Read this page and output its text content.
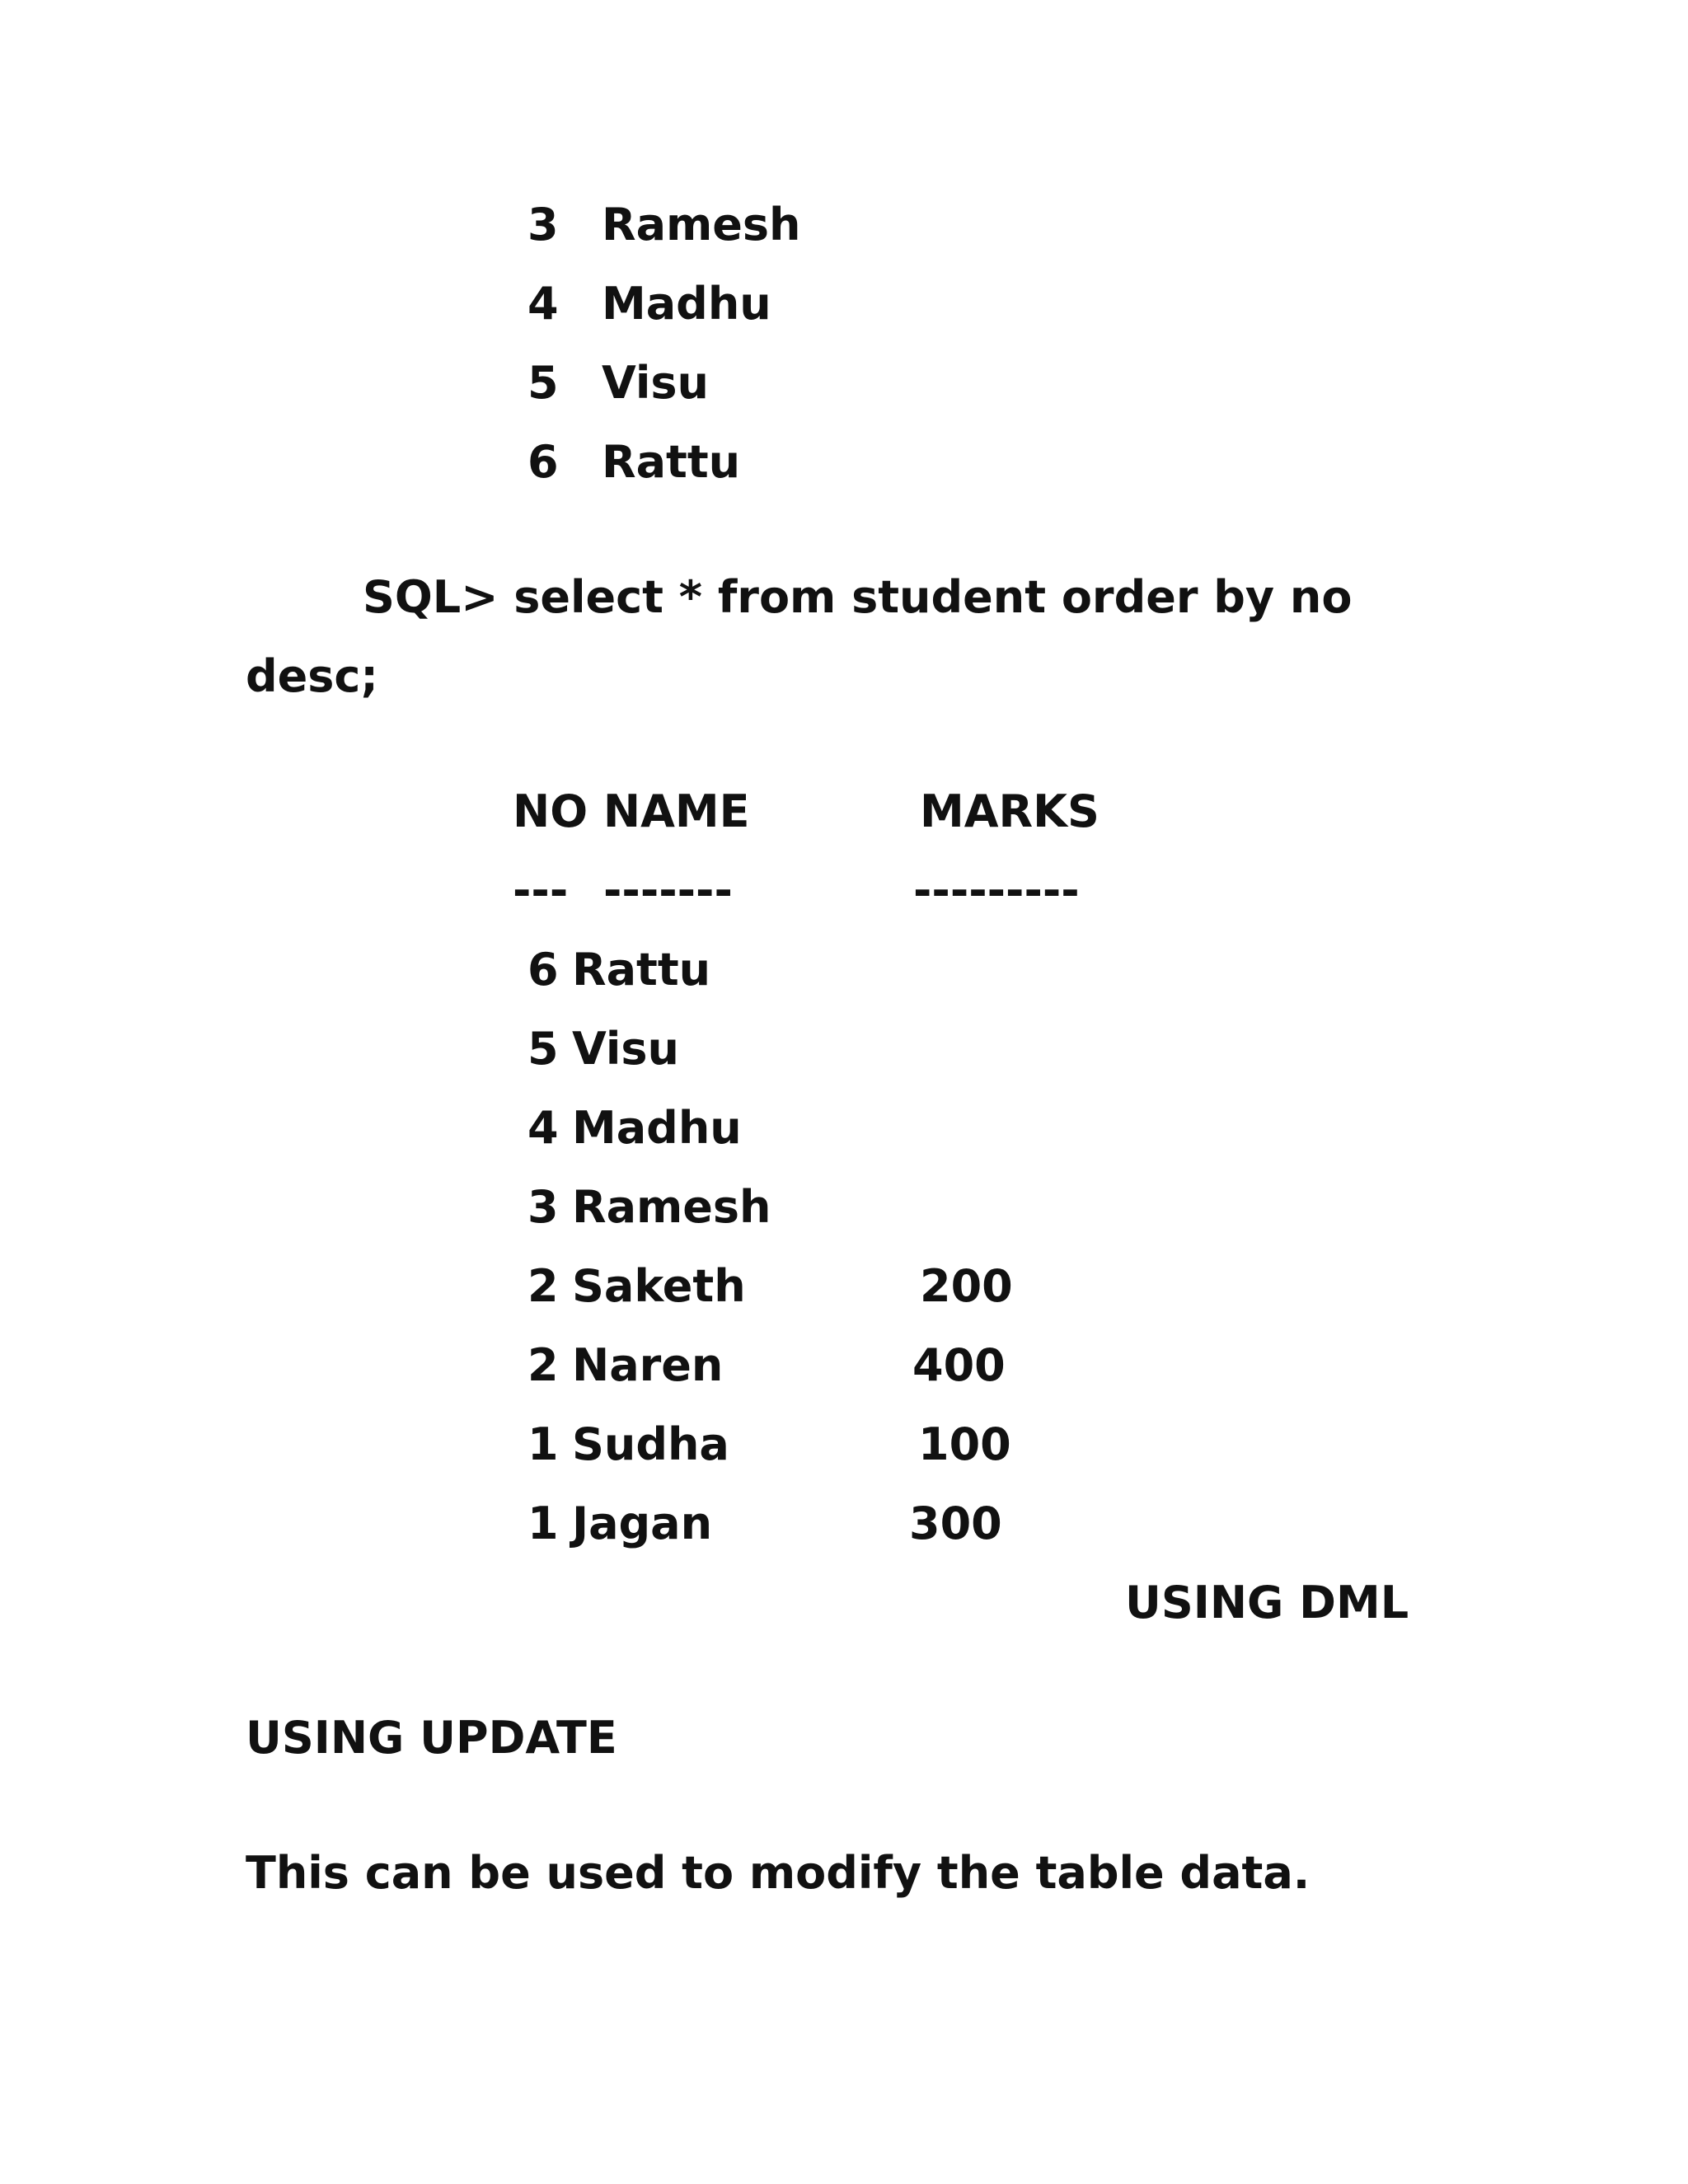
3 Ramesh
4 Madhu
5 Visu
6 Rattu
SQL> select * from student order by no
desc;
NO NAME	MARKS
--- -------	---------
6 Rattu
5 Visu
4 Madhu
3 Ramesh
2 Saketh	200
2 Naren	400
1 Sudha	100
1 Jagan	300
USING DML
USING UPDATE
This can be used to modify the table data.
